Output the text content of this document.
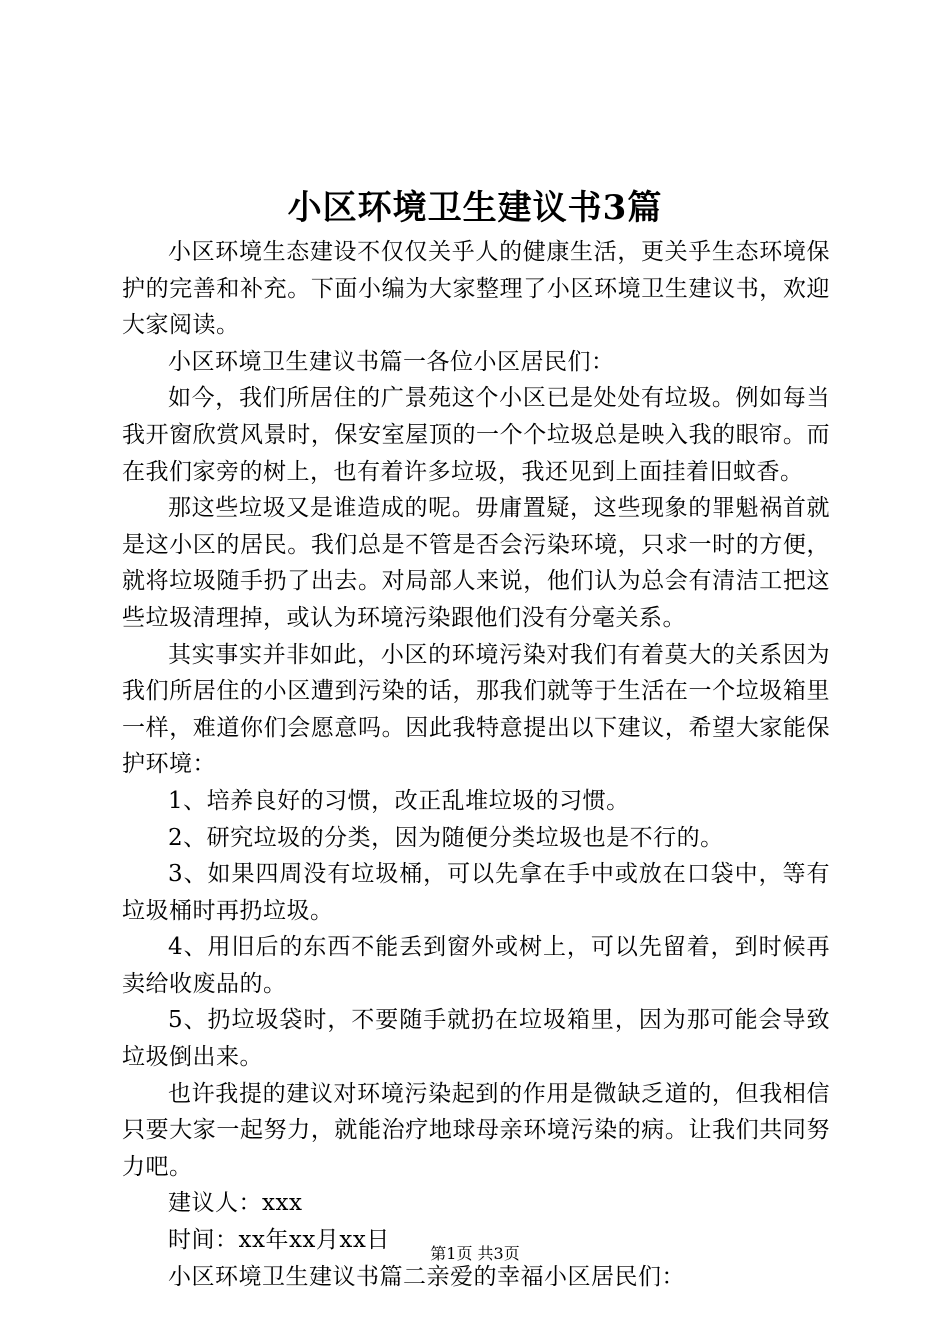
小区环境卫生建议书3篇

小区环境生态建设不仅仅关乎人的健康生活，更关乎生态环境保护的完善和补充。下面小编为大家整理了小区环境卫生建议书，欢迎大家阅读。

小区环境卫生建议书篇一各位小区居民们：

如今，我们所居住的广景苑这个小区已是处处有垃圾。例如每当我开窗欣赏风景时，保安室屋顶的一个个垃圾总是映入我的眼帘。而在我们家旁的树上，也有着许多垃圾，我还见到上面挂着旧蚊香。

那这些垃圾又是谁造成的呢。毋庸置疑，这些现象的罪魁祸首就是这小区的居民。我们总是不管是否会污染环境，只求一时的方便，就将垃圾随手扔了出去。对局部人来说，他们认为总会有清洁工把这些垃圾清理掉，或认为环境污染跟他们没有分毫关系。

其实事实并非如此，小区的环境污染对我们有着莫大的关系因为我们所居住的小区遭到污染的话，那我们就等于生活在一个垃圾箱里一样，难道你们会愿意吗。因此我特意提出以下建议，希望大家能保护环境：

1、培养良好的习惯，改正乱堆垃圾的习惯。

2、研究垃圾的分类，因为随便分类垃圾也是不行的。

3、如果四周没有垃圾桶，可以先拿在手中或放在口袋中，等有垃圾桶时再扔垃圾。

4、用旧后的东西不能丢到窗外或树上，可以先留着，到时候再卖给收废品的。

5、扔垃圾袋时，不要随手就扔在垃圾箱里，因为那可能会导致垃圾倒出来。

也许我提的建议对环境污染起到的作用是微缺乏道的，但我相信只要大家一起努力，就能治疗地球母亲环境污染的病。让我们共同努力吧。

建议人：xxx

时间：xx年xx月xx日

小区环境卫生建议书篇二亲爱的幸福小区居民们：

第1页 共3页
